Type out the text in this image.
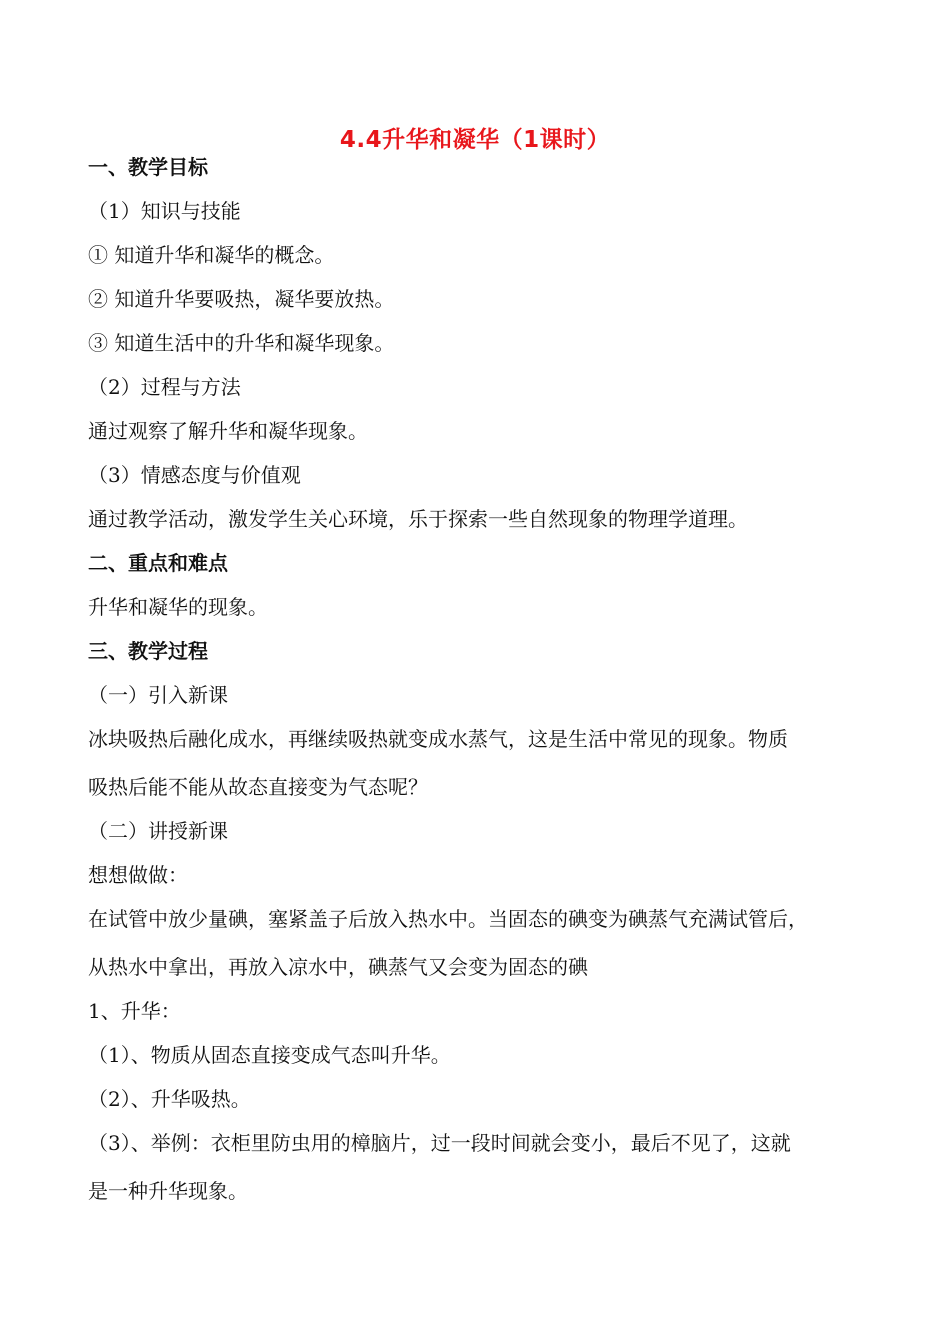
4.4升华和凝华（1课时）
一、教学目标
（1）知识与技能
① 知道升华和凝华的概念。
② 知道升华要吸热，凝华要放热。
③ 知道生活中的升华和凝华现象。
（2）过程与方法
通过观察了解升华和凝华现象。
（3）情感态度与价值观
通过教学活动，激发学生关心环境，乐于探索一些自然现象的物理学道理。
二、重点和难点
升华和凝华的现象。
三、教学过程
（一）引入新课
冰块吸热后融化成水，再继续吸热就变成水蒸气，这是生活中常见的现象。物质
吸热后能不能从故态直接变为气态呢？
（二）讲授新课
想想做做：
在试管中放少量碘，塞紧盖子后放入热水中。当固态的碘变为碘蒸气充满试管后，
从热水中拿出，再放入凉水中，碘蒸气又会变为固态的碘
1、升华：
（1）、物质从固态直接变成气态叫升华。
（2）、升华吸热。
（3）、举例：衣柜里防虫用的樟脑片，过一段时间就会变小，最后不见了，这就
是一种升华现象。
